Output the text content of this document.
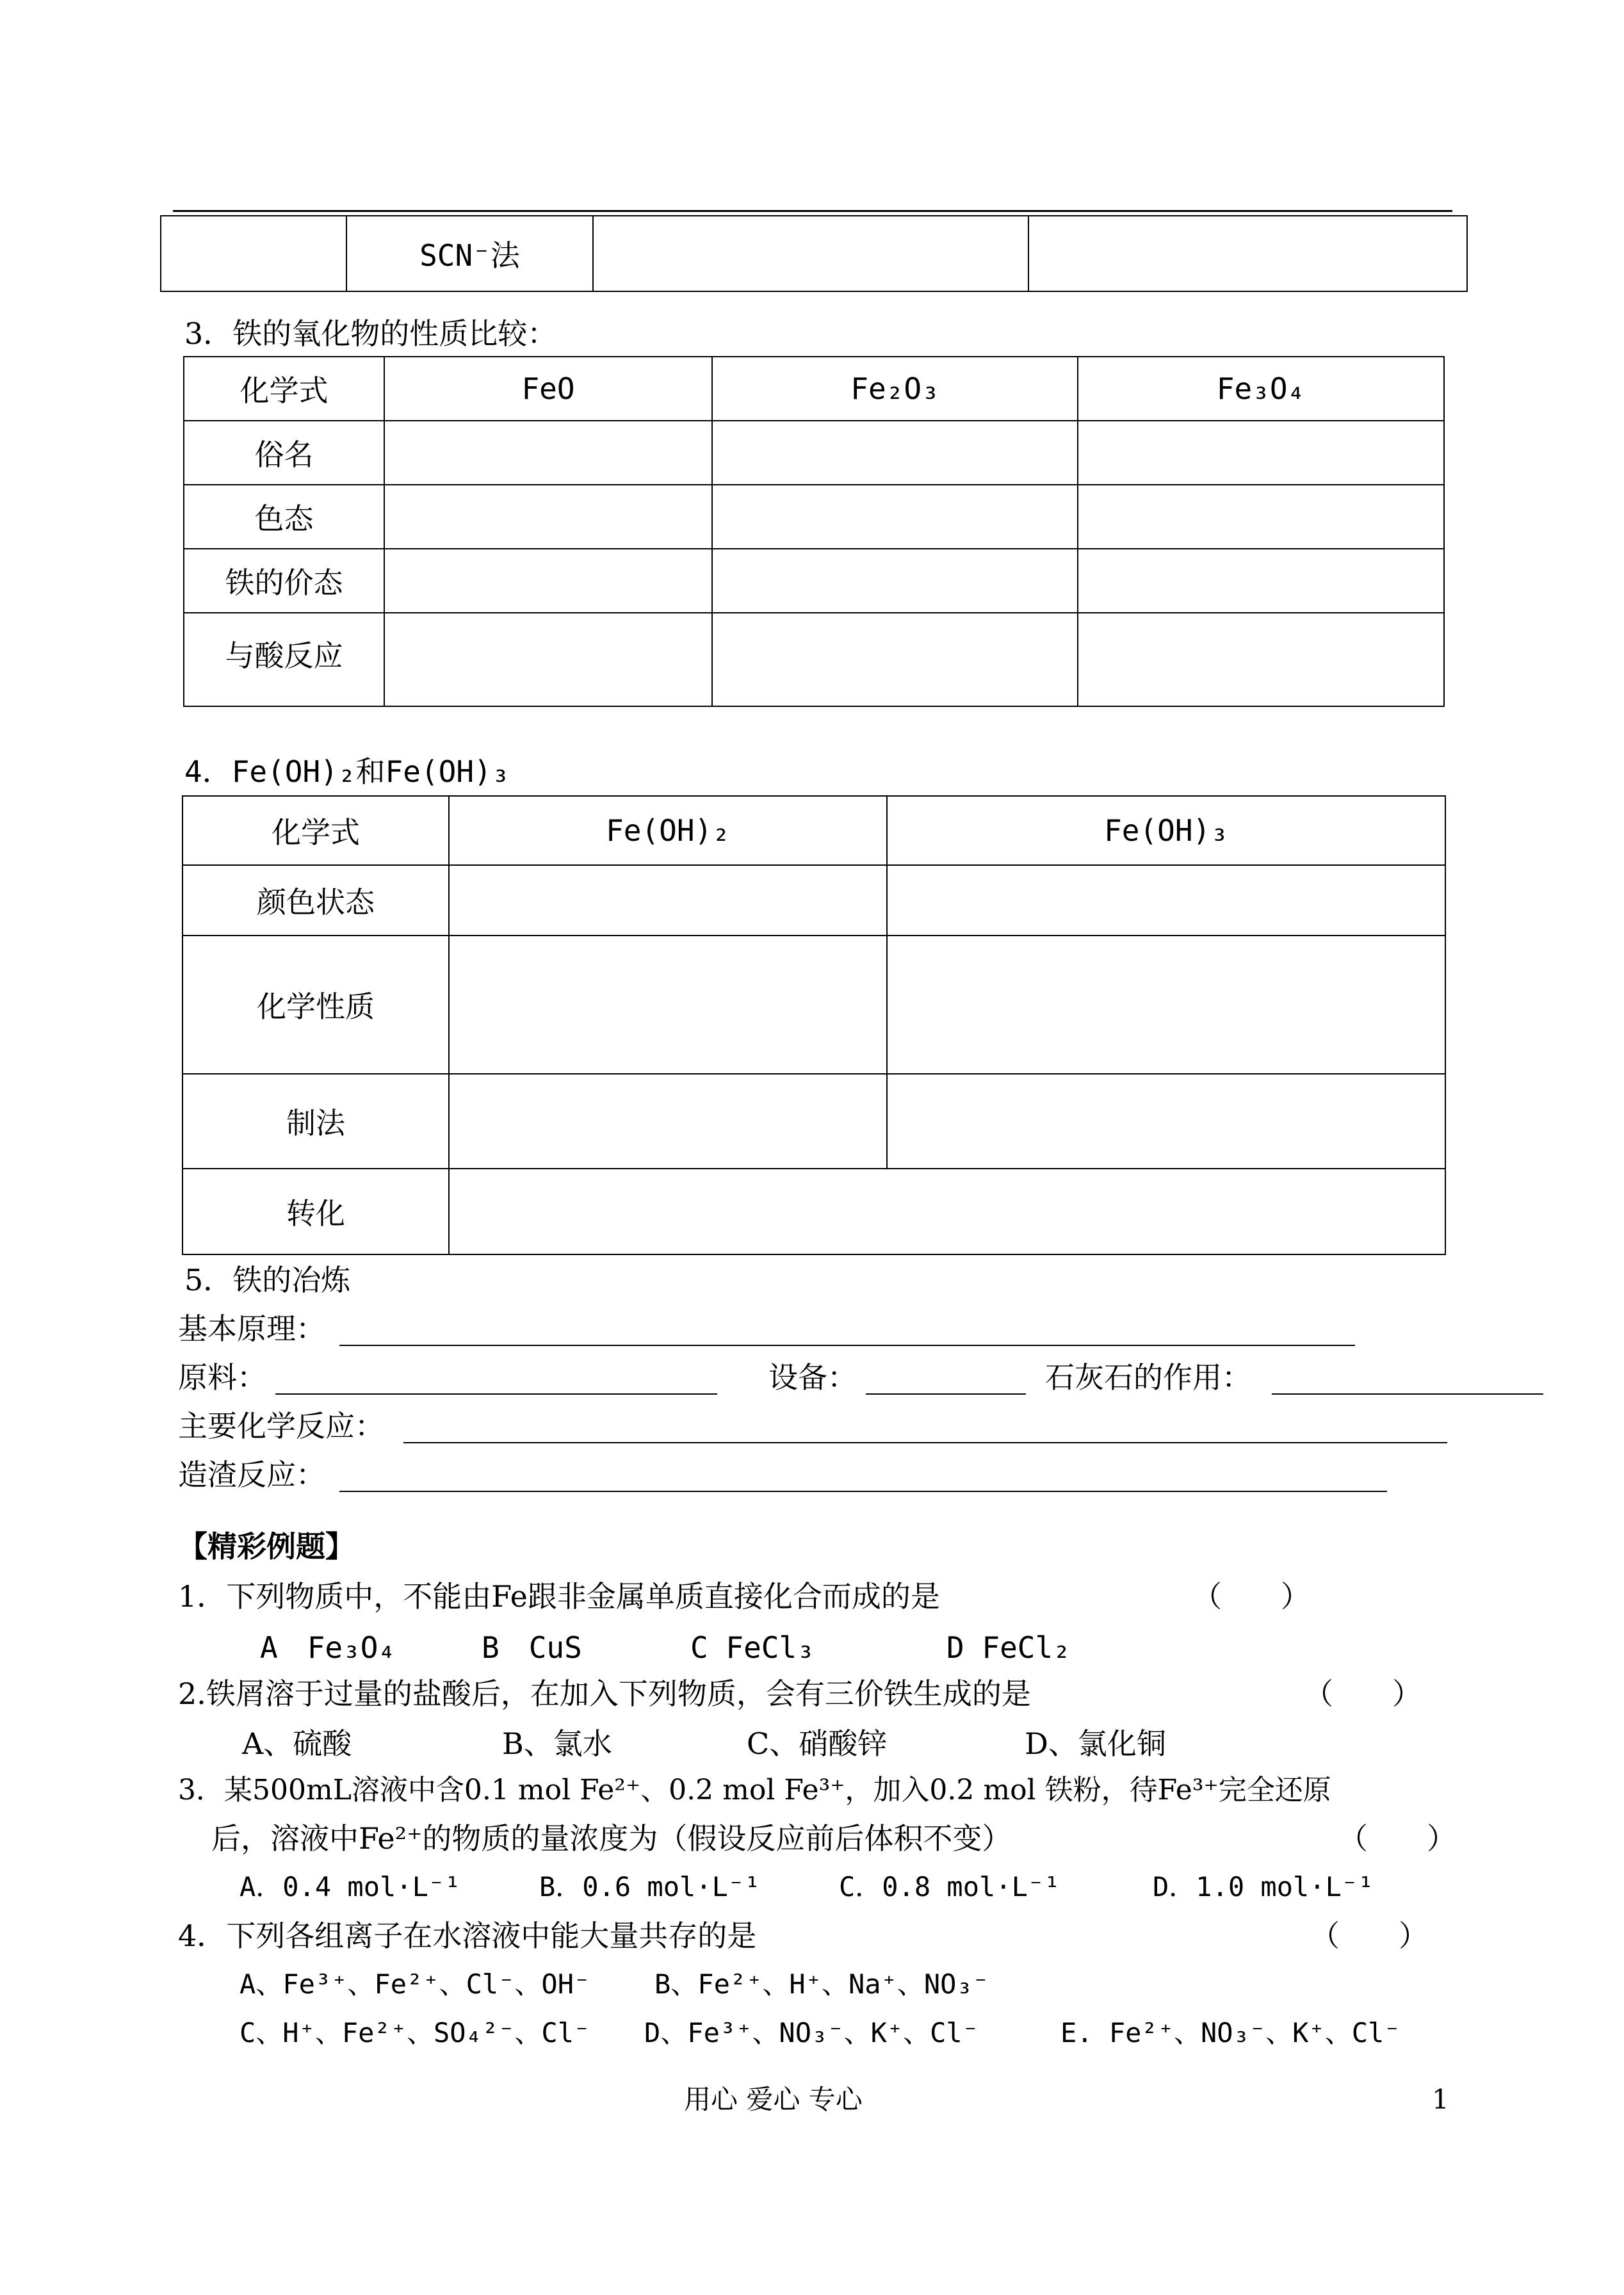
	SCN⁻法		
3．铁的氧化物的性质比较：
化学式	FeO	Fe₂O₃	Fe₃O₄
俗名			
色态			
铁的价态			
与酸反应			
4．Fe(OH)₂和Fe(OH)₃
化学式	Fe(OH)₂	Fe(OH)₃
颜色状态		
化学性质		
制法		
转化		
5．铁的冶炼
基本原理：
原料：	设备：	石灰石的作用：
主要化学反应：
造渣反应：
【精彩例题】
1．下列物质中，不能由Fe跟非金属单质直接化合而成的是	（　　）
A　Fe₃O₄	B　CuS	C FeCl₃	D FeCl₂
2.铁屑溶于过量的盐酸后，在加入下列物质，会有三价铁生成的是	（　　）
A、硫酸	B、氯水	C、硝酸锌	D、氯化铜
3．某500mL溶液中含0.1 mol Fe²⁺、0.2 mol Fe³⁺，加入0.2 mol 铁粉，待Fe³⁺完全还原
后，溶液中Fe²⁺的物质的量浓度为（假设反应前后体积不变）	（　　）
A．0.4 mol·L⁻¹	B．0.6 mol·L⁻¹	C．0.8 mol·L⁻¹	D．1.0 mol·L⁻¹
4．下列各组离子在水溶液中能大量共存的是	（　　）
A、Fe³⁺、Fe²⁺、Cl⁻、OH⁻ B、Fe²⁺、H⁺、Na⁺、NO₃⁻
C、H⁺、Fe²⁺、SO₄²⁻、Cl⁻ D、Fe³⁺、NO₃⁻、K⁺、Cl⁻	E. Fe²⁺、NO₃⁻、K⁺、Cl⁻
用心 爱心 专心	1
